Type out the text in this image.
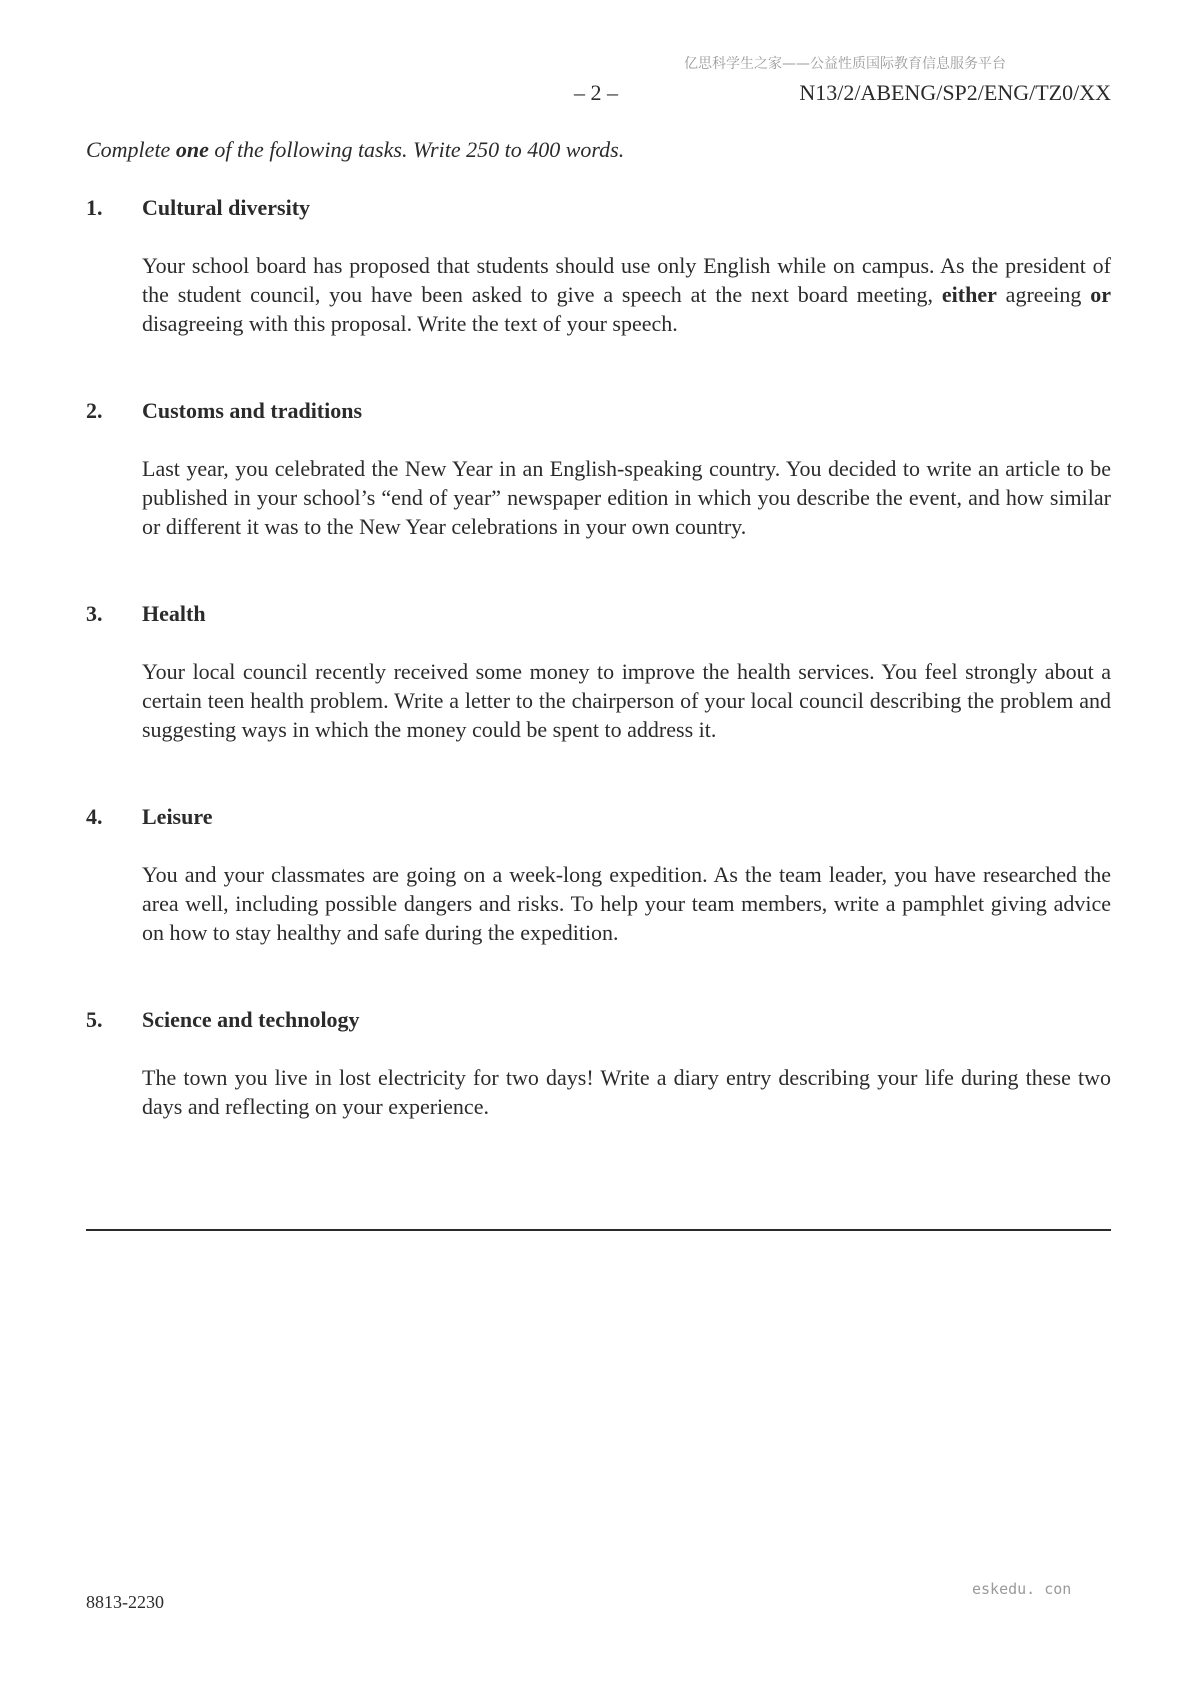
亿思科学生之家——公益性质国际教育信息服务平台
– 2 –	N13/2/ABENG/SP2/ENG/TZ0/XX
Complete one of the following tasks. Write 250 to 400 words.
1. Cultural diversity
Your school board has proposed that students should use only English while on campus. As the president of the student council, you have been asked to give a speech at the next board meeting, either agreeing or disagreeing with this proposal. Write the text of your speech.
2. Customs and traditions
Last year, you celebrated the New Year in an English-speaking country. You decided to write an article to be published in your school’s “end of year” newspaper edition in which you describe the event, and how similar or different it was to the New Year celebrations in your own country.
3. Health
Your local council recently received some money to improve the health services. You feel strongly about a certain teen health problem. Write a letter to the chairperson of your local council describing the problem and suggesting ways in which the money could be spent to address it.
4. Leisure
You and your classmates are going on a week-long expedition. As the team leader, you have researched the area well, including possible dangers and risks. To help your team members, write a pamphlet giving advice on how to stay healthy and safe during the expedition.
5. Science and technology
The town you live in lost electricity for two days! Write a diary entry describing your life during these two days and reflecting on your experience.
8813-2230
eskedu. con
